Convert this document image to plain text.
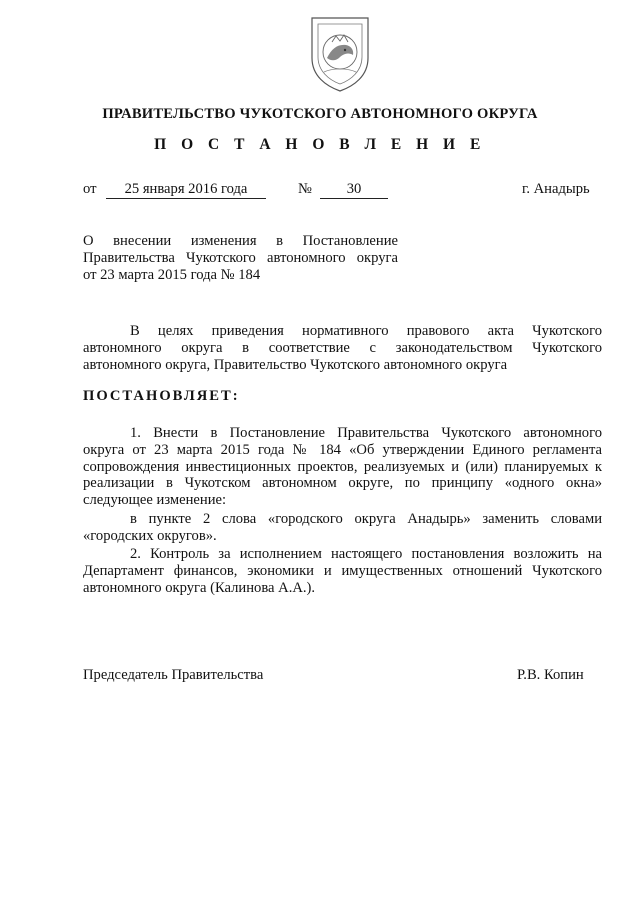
ПРАВИТЕЛЬСТВО ЧУКОТСКОГО АВТОНОМНОГО ОКРУГА
П О С Т А Н О В Л Е Н И Е
от	25 января 2016 года	№	30	г. Анадырь
О внесении изменения в Постановление
Правительства Чукотского автономного округа
от 23 марта 2015 года № 184
В целях приведения нормативного правового акта Чукотского
автономного округа в соответствие с законодательством Чукотского
автономного округа, Правительство Чукотского автономного округа
ПОСТАНОВЛЯЕТ:
1. Внести в Постановление Правительства Чукотского автономного
округа от 23 марта 2015 года № 184 «Об утверждении Единого регламента
сопровождения инвестиционных проектов, реализуемых и (или) планируемых к
реализации в Чукотском автономном округе, по принципу «одного окна»
следующее изменение:
в пункте 2 слова «городского округа Анадырь» заменить словами
«городских округов».
2. Контроль за исполнением настоящего постановления возложить на
Департамент финансов, экономики и имущественных отношений Чукотского
автономного округа (Калинова А.А.).
Председатель Правительства	Р.В. Копин
